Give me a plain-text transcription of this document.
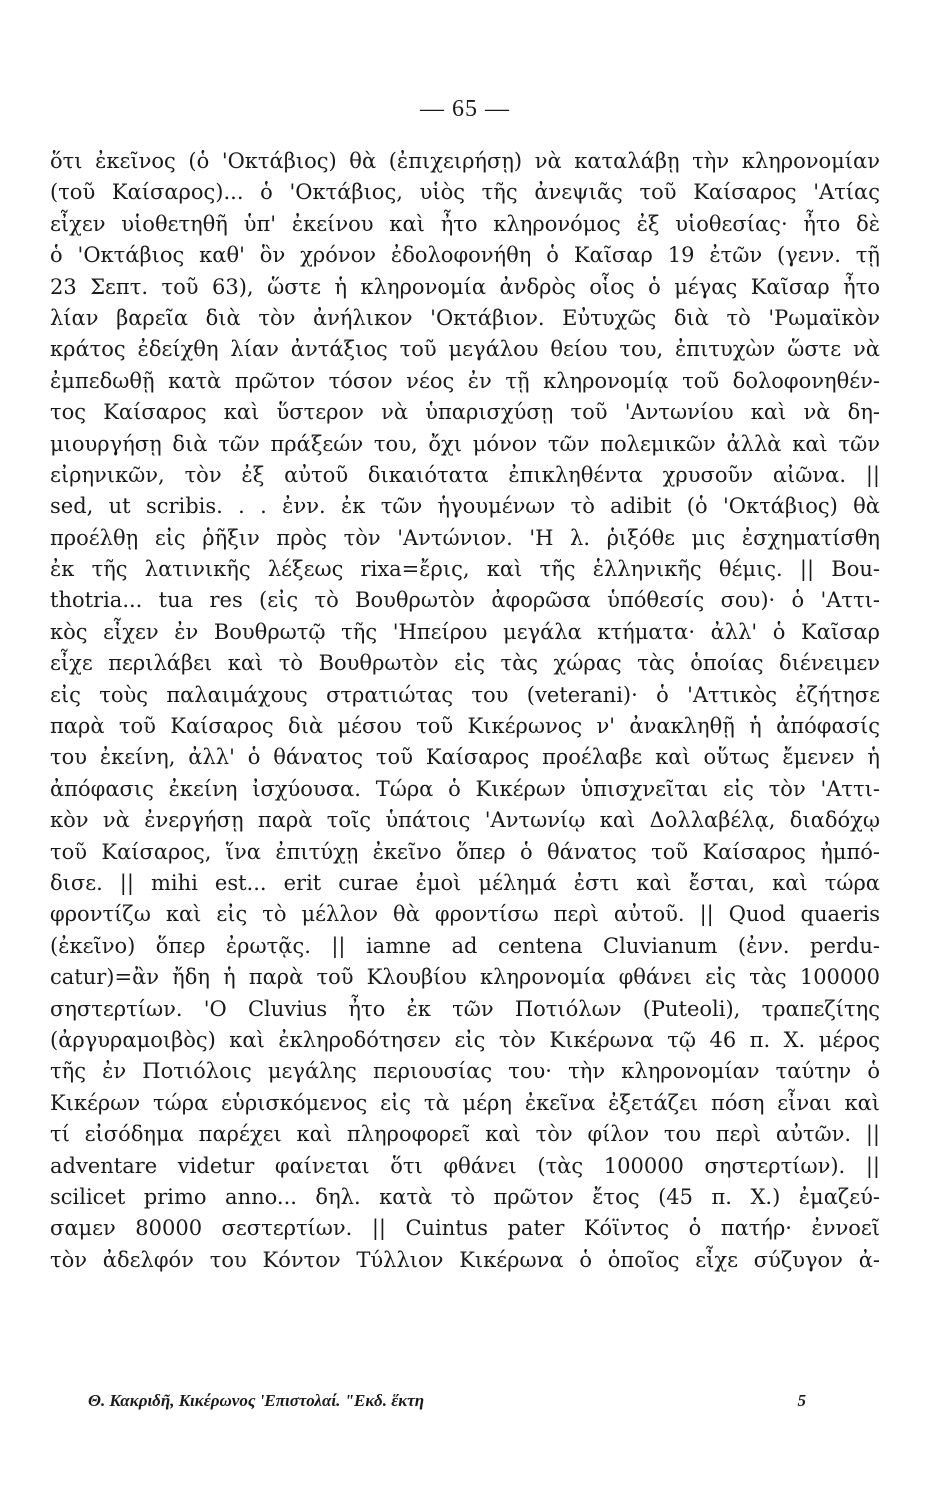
— 65 —
ὅτι ἐκεῖνος (ὁ 'Οκτάβιος) θὰ (ἐπιχειρήσῃ) νὰ καταλάβῃ τὴν κληρονομίαν
(τοῦ Καίσαρος)... ὁ 'Οκτάβιος, υἱὸς τῆς ἀνεψιᾶς τοῦ Καίσαρος 'Ατίας
εἶχεν υἱοθετηθῆ ὑπ' ἐκείνου καὶ ἦτο κληρονόμος ἐξ υἱοθεσίας· ἦτο δὲ
ὁ 'Οκτάβιος καθ' ὃν χρόνον ἐδολοφονήθη ὁ Καῖσαρ 19 ἐτῶν (γενν. τῇ
23 Σεπτ. τοῦ 63), ὥστε ἡ κληρονομία ἀνδρὸς οἷος ὁ μέγας Καῖσαρ ἦτο
λίαν βαρεῖα διὰ τὸν ἀνήλικον 'Οκτάβιον. Εὐτυχῶς διὰ τὸ 'Ρωμαϊκὸν
κράτος ἐδείχθη λίαν ἀντάξιος τοῦ μεγάλου θείου του, ἐπιτυχὼν ὥστε νὰ
ἐμπεδωθῇ κατὰ πρῶτον τόσον νέος ἐν τῇ κληρονομίᾳ τοῦ δολοφονηθέν-
τος Καίσαρος καὶ ὕστερον νὰ ὑπαρισχύσῃ τοῦ 'Αντωνίου καὶ νὰ δη-
μιουργήσῃ διὰ τῶν πράξεών του, ὄχι μόνον τῶν πολεμικῶν ἀλλὰ καὶ τῶν
εἰρηνικῶν, τὸν ἐξ αὐτοῦ δικαιότατα ἐπικληθέντα χρυσοῦν αἰῶνα. ||
sed, ut scribis. . . ἐνν. ἐκ τῶν ἡγουμένων τὸ adibit (ὁ 'Οκτάβιος) θὰ
προέλθῃ εἰς ῥῆξιν πρὸς τὸν 'Αντώνιον. 'Η λ. ῥιξόθε μις ἐσχηματίσθη
ἐκ τῆς λατινικῆς λέξεως rixa=ἔρις, καὶ τῆς ἑλληνικῆς θέμις. || Bou-
thotria... tua res (εἰς τὸ Βουθρωτὸν ἀφορῶσα ὑπόθεσίς σου)· ὁ 'Αττι-
κὸς εἶχεν ἐν Βουθρωτῷ τῆς 'Ηπείρου μεγάλα κτήματα· ἀλλ' ὁ Καῖσαρ
εἶχε περιλάβει καὶ τὸ Βουθρωτὸν εἰς τὰς χώρας τὰς ὁποίας διένειμεν
εἰς τοὺς παλαιμάχους στρατιώτας του (veterani)· ὁ 'Αττικὸς ἐζήτησε
παρὰ τοῦ Καίσαρος διὰ μέσου τοῦ Κικέρωνος ν' ἀνακληθῇ ἡ ἀπόφασίς
του ἐκείνη, ἀλλ' ὁ θάνατος τοῦ Καίσαρος προέλαβε καὶ οὕτως ἔμενεν ἡ
ἀπόφασις ἐκείνη ἰσχύουσα. Τώρα ὁ Κικέρων ὑπισχνεῖται εἰς τὸν 'Αττι-
κὸν νὰ ἐνεργήσῃ παρὰ τοῖς ὑπάτοις 'Αντωνίῳ καὶ Δολλαβέλᾳ, διαδόχῳ
τοῦ Καίσαρος, ἵνα ἐπιτύχῃ ἐκεῖνο ὅπερ ὁ θάνατος τοῦ Καίσαρος ἠμπό-
δισε. || mihi est... erit curae ἐμοὶ μέλημά ἐστι καὶ ἔσται, καὶ τώρα
φροντίζω καὶ εἰς τὸ μέλλον θὰ φροντίσω περὶ αὐτοῦ. || Quod quaeris
(ἐκεῖνο) ὅπερ ἐρωτᾷς. || iamne ad centena Cluvianum (ἐνν. perdu-
catur)=ἂν ἤδη ἡ παρὰ τοῦ Κλουβίου κληρονομία φθάνει εἰς τὰς 100000
σηστερτίων. 'Ο Cluvius ἦτο ἐκ τῶν Ποτιόλων (Puteoli), τραπεζίτης
(ἀργυραμοιβὸς) καὶ ἐκληροδότησεν εἰς τὸν Κικέρωνα τῷ 46 π. Χ. μέρος
τῆς ἐν Ποτιόλοις μεγάλης περιουσίας του· τὴν κληρονομίαν ταύτην ὁ
Κικέρων τώρα εὑρισκόμενος εἰς τὰ μέρη ἐκεῖνα ἐξετάζει πόση εἶναι καὶ
τί εἰσόδημα παρέχει καὶ πληροφορεῖ καὶ τὸν φίλον του περὶ αὐτῶν. ||
adventare videtur φαίνεται ὅτι φθάνει (τὰς 100000 σηστερτίων). ||
scilicet primo anno... δηλ. κατὰ τὸ πρῶτον ἔτος (45 π. Χ.) ἐμαζεύ-
σαμεν 80000 σεστερτίων. || Cuintus pater Κόϊντος ὁ πατήρ· ἐννοεῖ
τὸν ἀδελφόν του Κόντον Τύλλιον Κικέρωνα ὁ ὁποῖος εἶχε σύζυγον ἀ-
Θ. Κακριδῆ, Κικέρωνος 'Επιστολαί. "Εκδ. ἕκτη	5
